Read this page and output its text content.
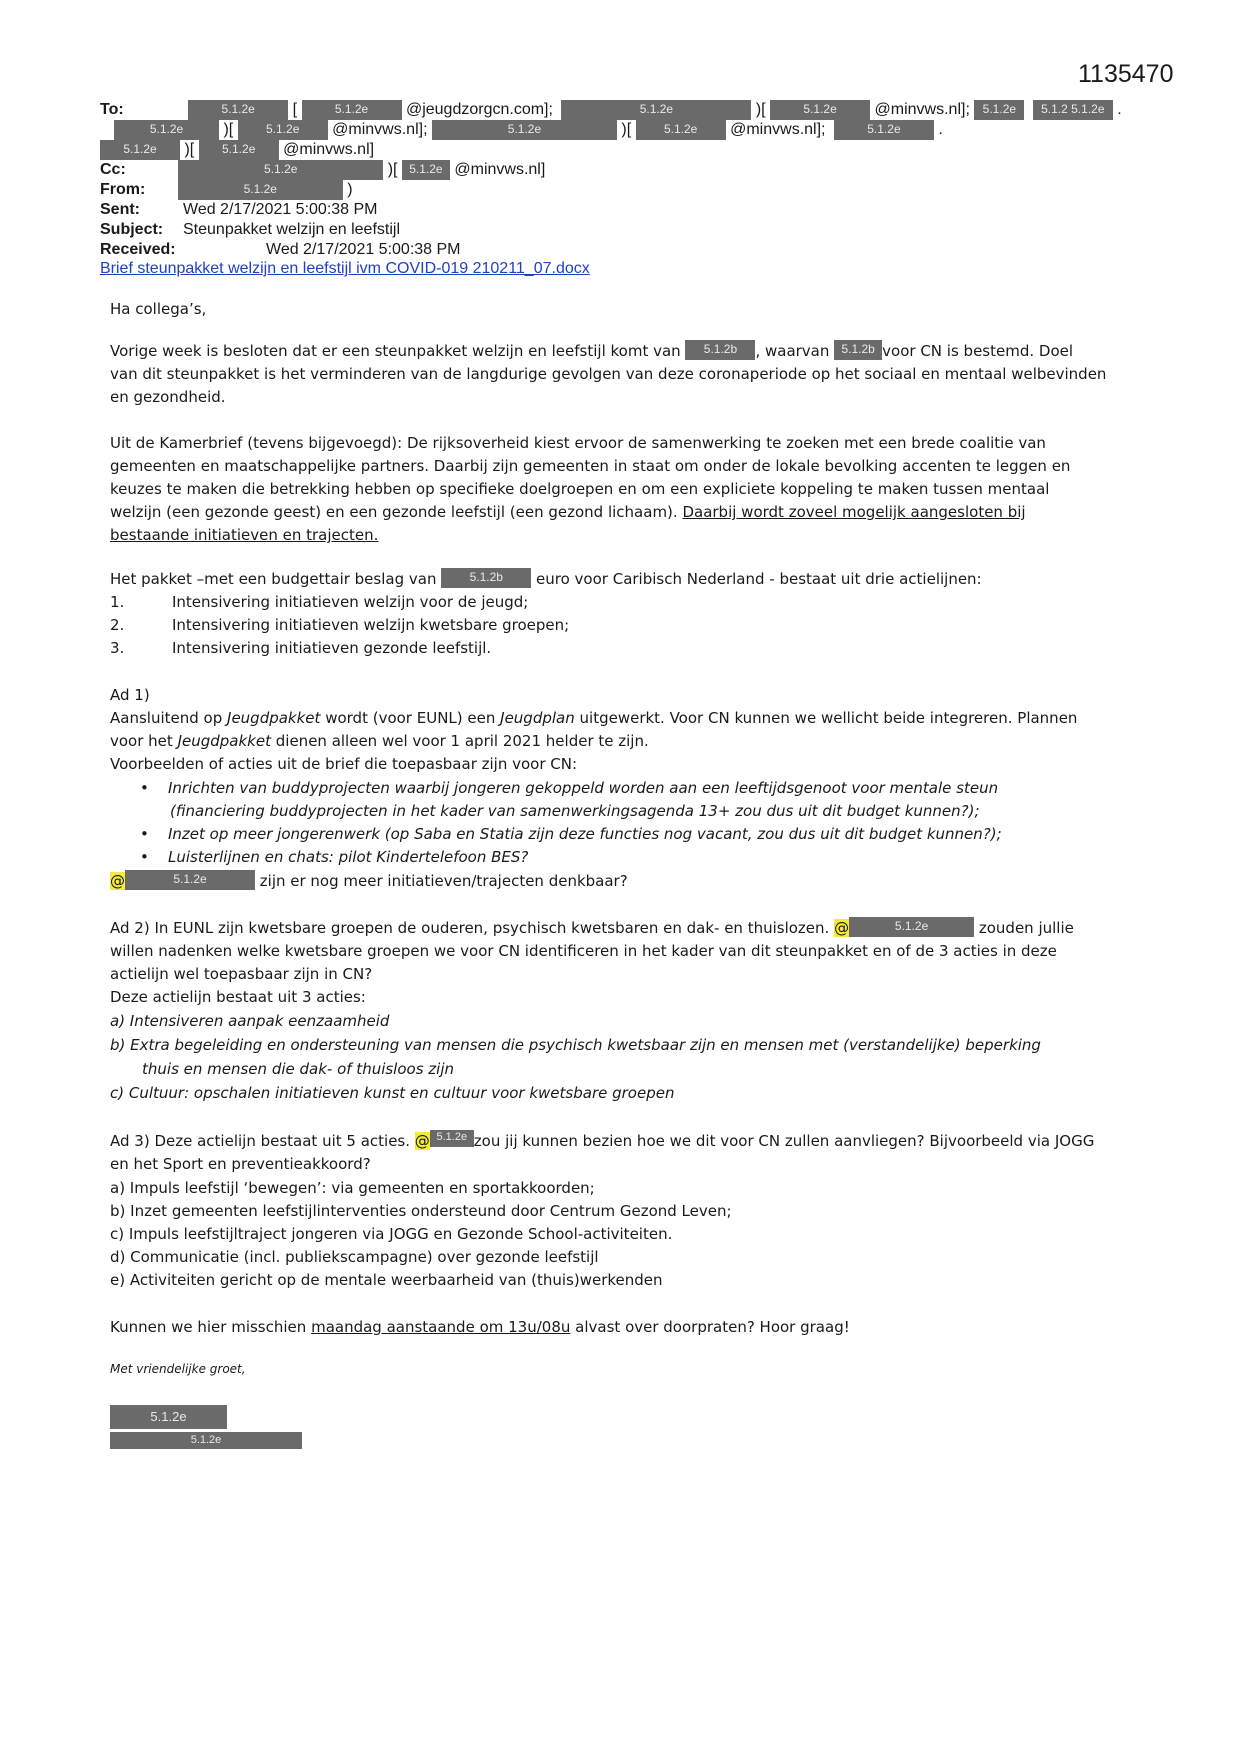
1135470
To:	5.1.2e [	5.1.2e @jeugdzorgcn.com];	5.1.2e	)[	5.1.2e @minvws.nl]; 5.1.2e 5.1.2 5.1.2e .
5.1.2e	)[	5.1.2e @minvws.nl];	5.1.2e	)[	5.1.2e @minvws.nl];	5.1.2e .
5.1.2e )[ 5.1.2e @minvws.nl]
Cc:	5.1.2e	)[ 5.1.2e @minvws.nl]
From:	5.1.2e	)
Sent:	Wed 2/17/2021 5:00:38 PM
Subject: Steunpakket welzijn en leefstijl
Received:	Wed 2/17/2021 5:00:38 PM
Brief steunpakket welzijn en leefstijl ivm COVID-019 210211_07.docx
Ha collega’s,
Vorige week is besloten dat er een steunpakket welzijn en leefstijl komt van 5.1.2b , waarvan 5.1.2b voor CN is bestemd. Doel
van dit steunpakket is het verminderen van de langdurige gevolgen van deze coronaperiode op het sociaal en mentaal welbevinden
en gezondheid.
Uit de Kamerbrief (tevens bijgevoegd): De rijksoverheid kiest ervoor de samenwerking te zoeken met een brede coalitie van
gemeenten en maatschappelijke partners. Daarbij zijn gemeenten in staat om onder de lokale bevolking accenten te leggen en
keuzes te maken die betrekking hebben op specifieke doelgroepen en om een expliciete koppeling te maken tussen mentaal
welzijn (een gezonde geest) en een gezonde leefstijl (een gezond lichaam). Daarbij wordt zoveel mogelijk aangesloten bij
bestaande initiatieven en trajecten.
Het pakket –met een budgettair beslag van	5.1.2b euro voor Caribisch Nederland - bestaat uit drie actielijnen:
1.	Intensivering initiatieven welzijn voor de jeugd;
2.	Intensivering initiatieven welzijn kwetsbare groepen;
3.	Intensivering initiatieven gezonde leefstijl.
Ad 1)
Aansluitend op Jeugdpakket wordt (voor EUNL) een Jeugdplan uitgewerkt. Voor CN kunnen we wellicht beide integreren. Plannen
voor het Jeugdpakket dienen alleen wel voor 1 april 2021 helder te zijn.
Voorbeelden of acties uit de brief die toepasbaar zijn voor CN:
• Inrichten van buddyprojecten waarbij jongeren gekoppeld worden aan een leeftijdsgenoot voor mentale steun
(financiering buddyprojecten in het kader van samenwerkingsagenda 13+ zou dus uit dit budget kunnen?);
• Inzet op meer jongerenwerk (op Saba en Statia zijn deze functies nog vacant, zou dus uit dit budget kunnen?);
• Luisterlijnen en chats: pilot Kindertelefoon BES?
@	5.1.2e	zijn er nog meer initiatieven/trajecten denkbaar?
Ad 2) In EUNL zijn kwetsbare groepen de ouderen, psychisch kwetsbaren en dak- en thuislozen. @	5.1.2e	zouden jullie
willen nadenken welke kwetsbare groepen we voor CN identificeren in het kader van dit steunpakket en of de 3 acties in deze
actielijn wel toepasbaar zijn in CN?
Deze actielijn bestaat uit 3 acties:
a) Intensiveren aanpak eenzaamheid
b) Extra begeleiding en ondersteuning van mensen die psychisch kwetsbaar zijn en mensen met (verstandelijke) beperking
thuis en mensen die dak- of thuisloos zijn
c) Cultuur: opschalen initiatieven kunst en cultuur voor kwetsbare groepen
Ad 3) Deze actielijn bestaat uit 5 acties. @ 5.1.2e zou jij kunnen bezien hoe we dit voor CN zullen aanvliegen? Bijvoorbeeld via JOGG
en het Sport en preventieakkoord?
a) Impuls leefstijl ‘bewegen’: via gemeenten en sportakkoorden;
b) Inzet gemeenten leefstijlinterventies ondersteund door Centrum Gezond Leven;
c) Impuls leefstijltraject jongeren via JOGG en Gezonde School-activiteiten.
d) Communicatie (incl. publiekscampagne) over gezonde leefstijl
e) Activiteiten gericht op de mentale weerbaarheid van (thuis)werkenden
Kunnen we hier misschien maandag aanstaande om 13u/08u alvast over doorpraten? Hoor graag!
Met vriendelijke groet,
5.1.2e
5.1.2e
